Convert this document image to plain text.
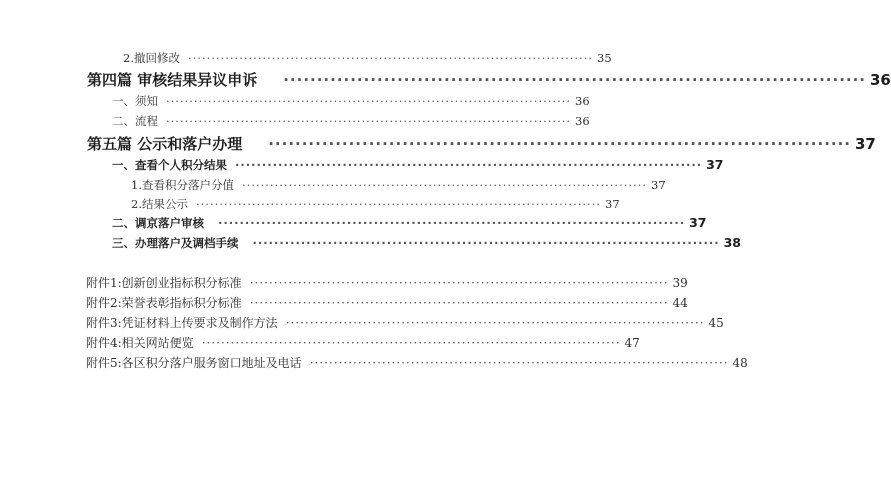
2.撤回修改 ······················································································· 35
第四篇 审核结果异议申诉 ······················································································· 36
一、须知 ······················································································· 36
二、流程 ······················································································· 36
第五篇 公示和落户办理 ······················································································· 37
一、查看个人积分结果 ······················································································· 37
1.查看积分落户分值 ······················································································· 37
2.结果公示 ······················································································· 37
二、调京落户审核 ······················································································· 37
三、办理落户及调档手续 ······················································································· 38
附件1:创新创业指标积分标准 ······················································································· 39
附件2:荣誉表彰指标积分标准 ······················································································· 44
附件3:凭证材料上传要求及制作方法 ······················································································· 45
附件4:相关网站便览 ······················································································· 47
附件5:各区积分落户服务窗口地址及电话 ······················································································· 48
